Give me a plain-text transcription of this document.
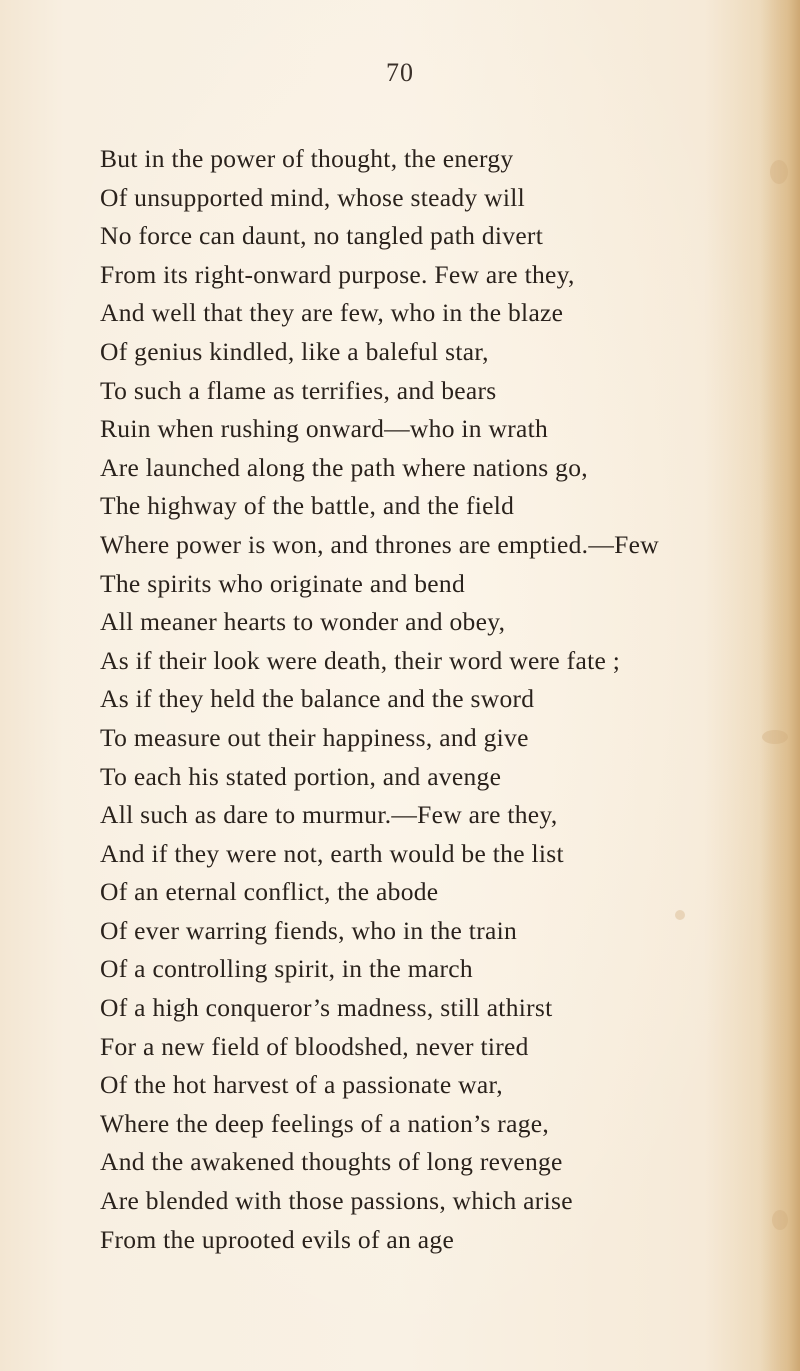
70
But in the power of thought, the energy
Of unsupported mind, whose steady will
No force can daunt, no tangled path divert
From its right-onward purpose. Few are they,
And well that they are few, who in the blaze
Of genius kindled, like a baleful star,
To such a flame as terrifies, and bears
Ruin when rushing onward—who in wrath
Are launched along the path where nations go,
The highway of the battle, and the field
Where power is won, and thrones are emptied.—Few
The spirits who originate and bend
All meaner hearts to wonder and obey,
As if their look were death, their word were fate ;
As if they held the balance and the sword
To measure out their happiness, and give
To each his stated portion, and avenge
All such as dare to murmur.—Few are they,
And if they were not, earth would be the list
Of an eternal conflict, the abode
Of ever warring fiends, who in the train
Of a controlling spirit, in the march
Of a high conqueror’s madness, still athirst
For a new field of bloodshed, never tired
Of the hot harvest of a passionate war,
Where the deep feelings of a nation’s rage,
And the awakened thoughts of long revenge
Are blended with those passions, which arise
From the uprooted evils of an age
